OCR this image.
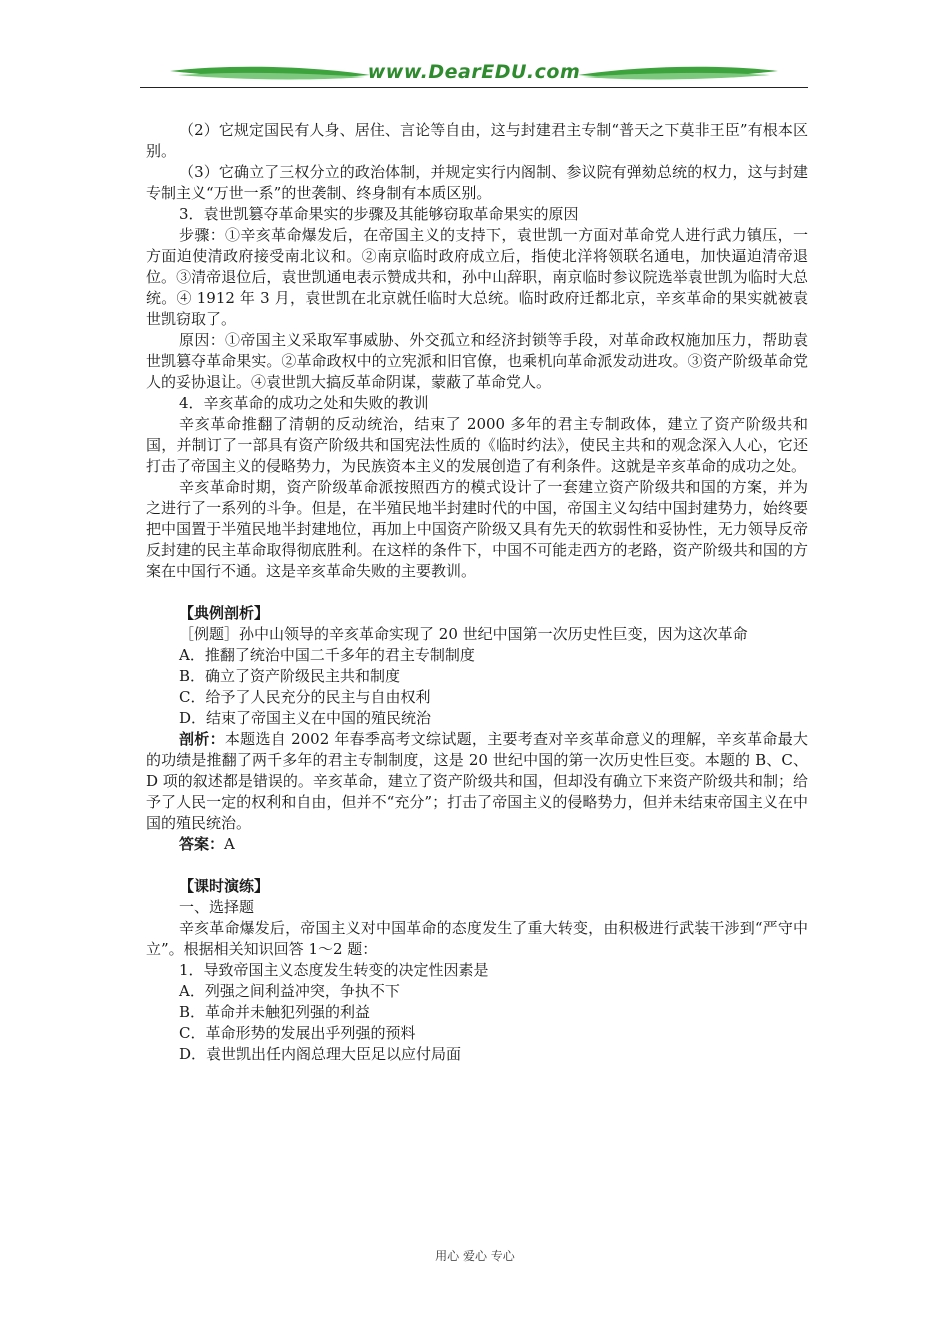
www.DearEDU.com

（2）它规定国民有人身、居住、言论等自由，这与封建君主专制“普天之下莫非王臣”有根本区别。

（3）它确立了三权分立的政治体制，并规定实行内阁制、参议院有弹劾总统的权力，这与封建专制主义“万世一系”的世袭制、终身制有本质区别。

3．袁世凯篡夺革命果实的步骤及其能够窃取革命果实的原因

步骤：①辛亥革命爆发后，在帝国主义的支持下，袁世凯一方面对革命党人进行武力镇压，一方面迫使清政府接受南北议和。②南京临时政府成立后，指使北洋将领联名通电，加快逼迫清帝退位。③清帝退位后，袁世凯通电表示赞成共和，孙中山辞职，南京临时参议院选举袁世凯为临时大总统。④ 1912 年 3 月，袁世凯在北京就任临时大总统。临时政府迁都北京，辛亥革命的果实就被袁世凯窃取了。

原因：①帝国主义采取军事威胁、外交孤立和经济封锁等手段，对革命政权施加压力，帮助袁世凯篡夺革命果实。②革命政权中的立宪派和旧官僚，也乘机向革命派发动进攻。③资产阶级革命党人的妥协退让。④袁世凯大搞反革命阴谋，蒙蔽了革命党人。

4．辛亥革命的成功之处和失败的教训

辛亥革命推翻了清朝的反动统治，结束了 2000 多年的君主专制政体，建立了资产阶级共和国，并制订了一部具有资产阶级共和国宪法性质的《临时约法》，使民主共和的观念深入人心，它还打击了帝国主义的侵略势力，为民族资本主义的发展创造了有利条件。这就是辛亥革命的成功之处。

辛亥革命时期，资产阶级革命派按照西方的模式设计了一套建立资产阶级共和国的方案，并为之进行了一系列的斗争。但是，在半殖民地半封建时代的中国，帝国主义勾结中国封建势力，始终要把中国置于半殖民地半封建地位，再加上中国资产阶级又具有先天的软弱性和妥协性，无力领导反帝反封建的民主革命取得彻底胜利。在这样的条件下，中国不可能走西方的老路，资产阶级共和国的方案在中国行不通。这是辛亥革命失败的主要教训。

【典例剖析】

［例题］孙中山领导的辛亥革命实现了 20 世纪中国第一次历史性巨变，因为这次革命

A．推翻了统治中国二千多年的君主专制制度

B．确立了资产阶级民主共和制度

C．给予了人民充分的民主与自由权利

D．结束了帝国主义在中国的殖民统治

剖析：本题选自 2002 年春季高考文综试题，主要考查对辛亥革命意义的理解，辛亥革命最大的功绩是推翻了两千多年的君主专制制度，这是 20 世纪中国的第一次历史性巨变。本题的 B、C、D 项的叙述都是错误的。辛亥革命，建立了资产阶级共和国，但却没有确立下来资产阶级共和制；给予了人民一定的权利和自由，但并不“充分”；打击了帝国主义的侵略势力，但并未结束帝国主义在中国的殖民统治。

答案：A

【课时演练】

一、选择题

辛亥革命爆发后，帝国主义对中国革命的态度发生了重大转变，由积极进行武装干涉到“严守中立”。根据相关知识回答 1～2 题：

1．导致帝国主义态度发生转变的决定性因素是

A．列强之间利益冲突，争执不下

B．革命并未触犯列强的利益

C．革命形势的发展出乎列强的预料

D．袁世凯出任内阁总理大臣足以应付局面

用心 爱心 专心
